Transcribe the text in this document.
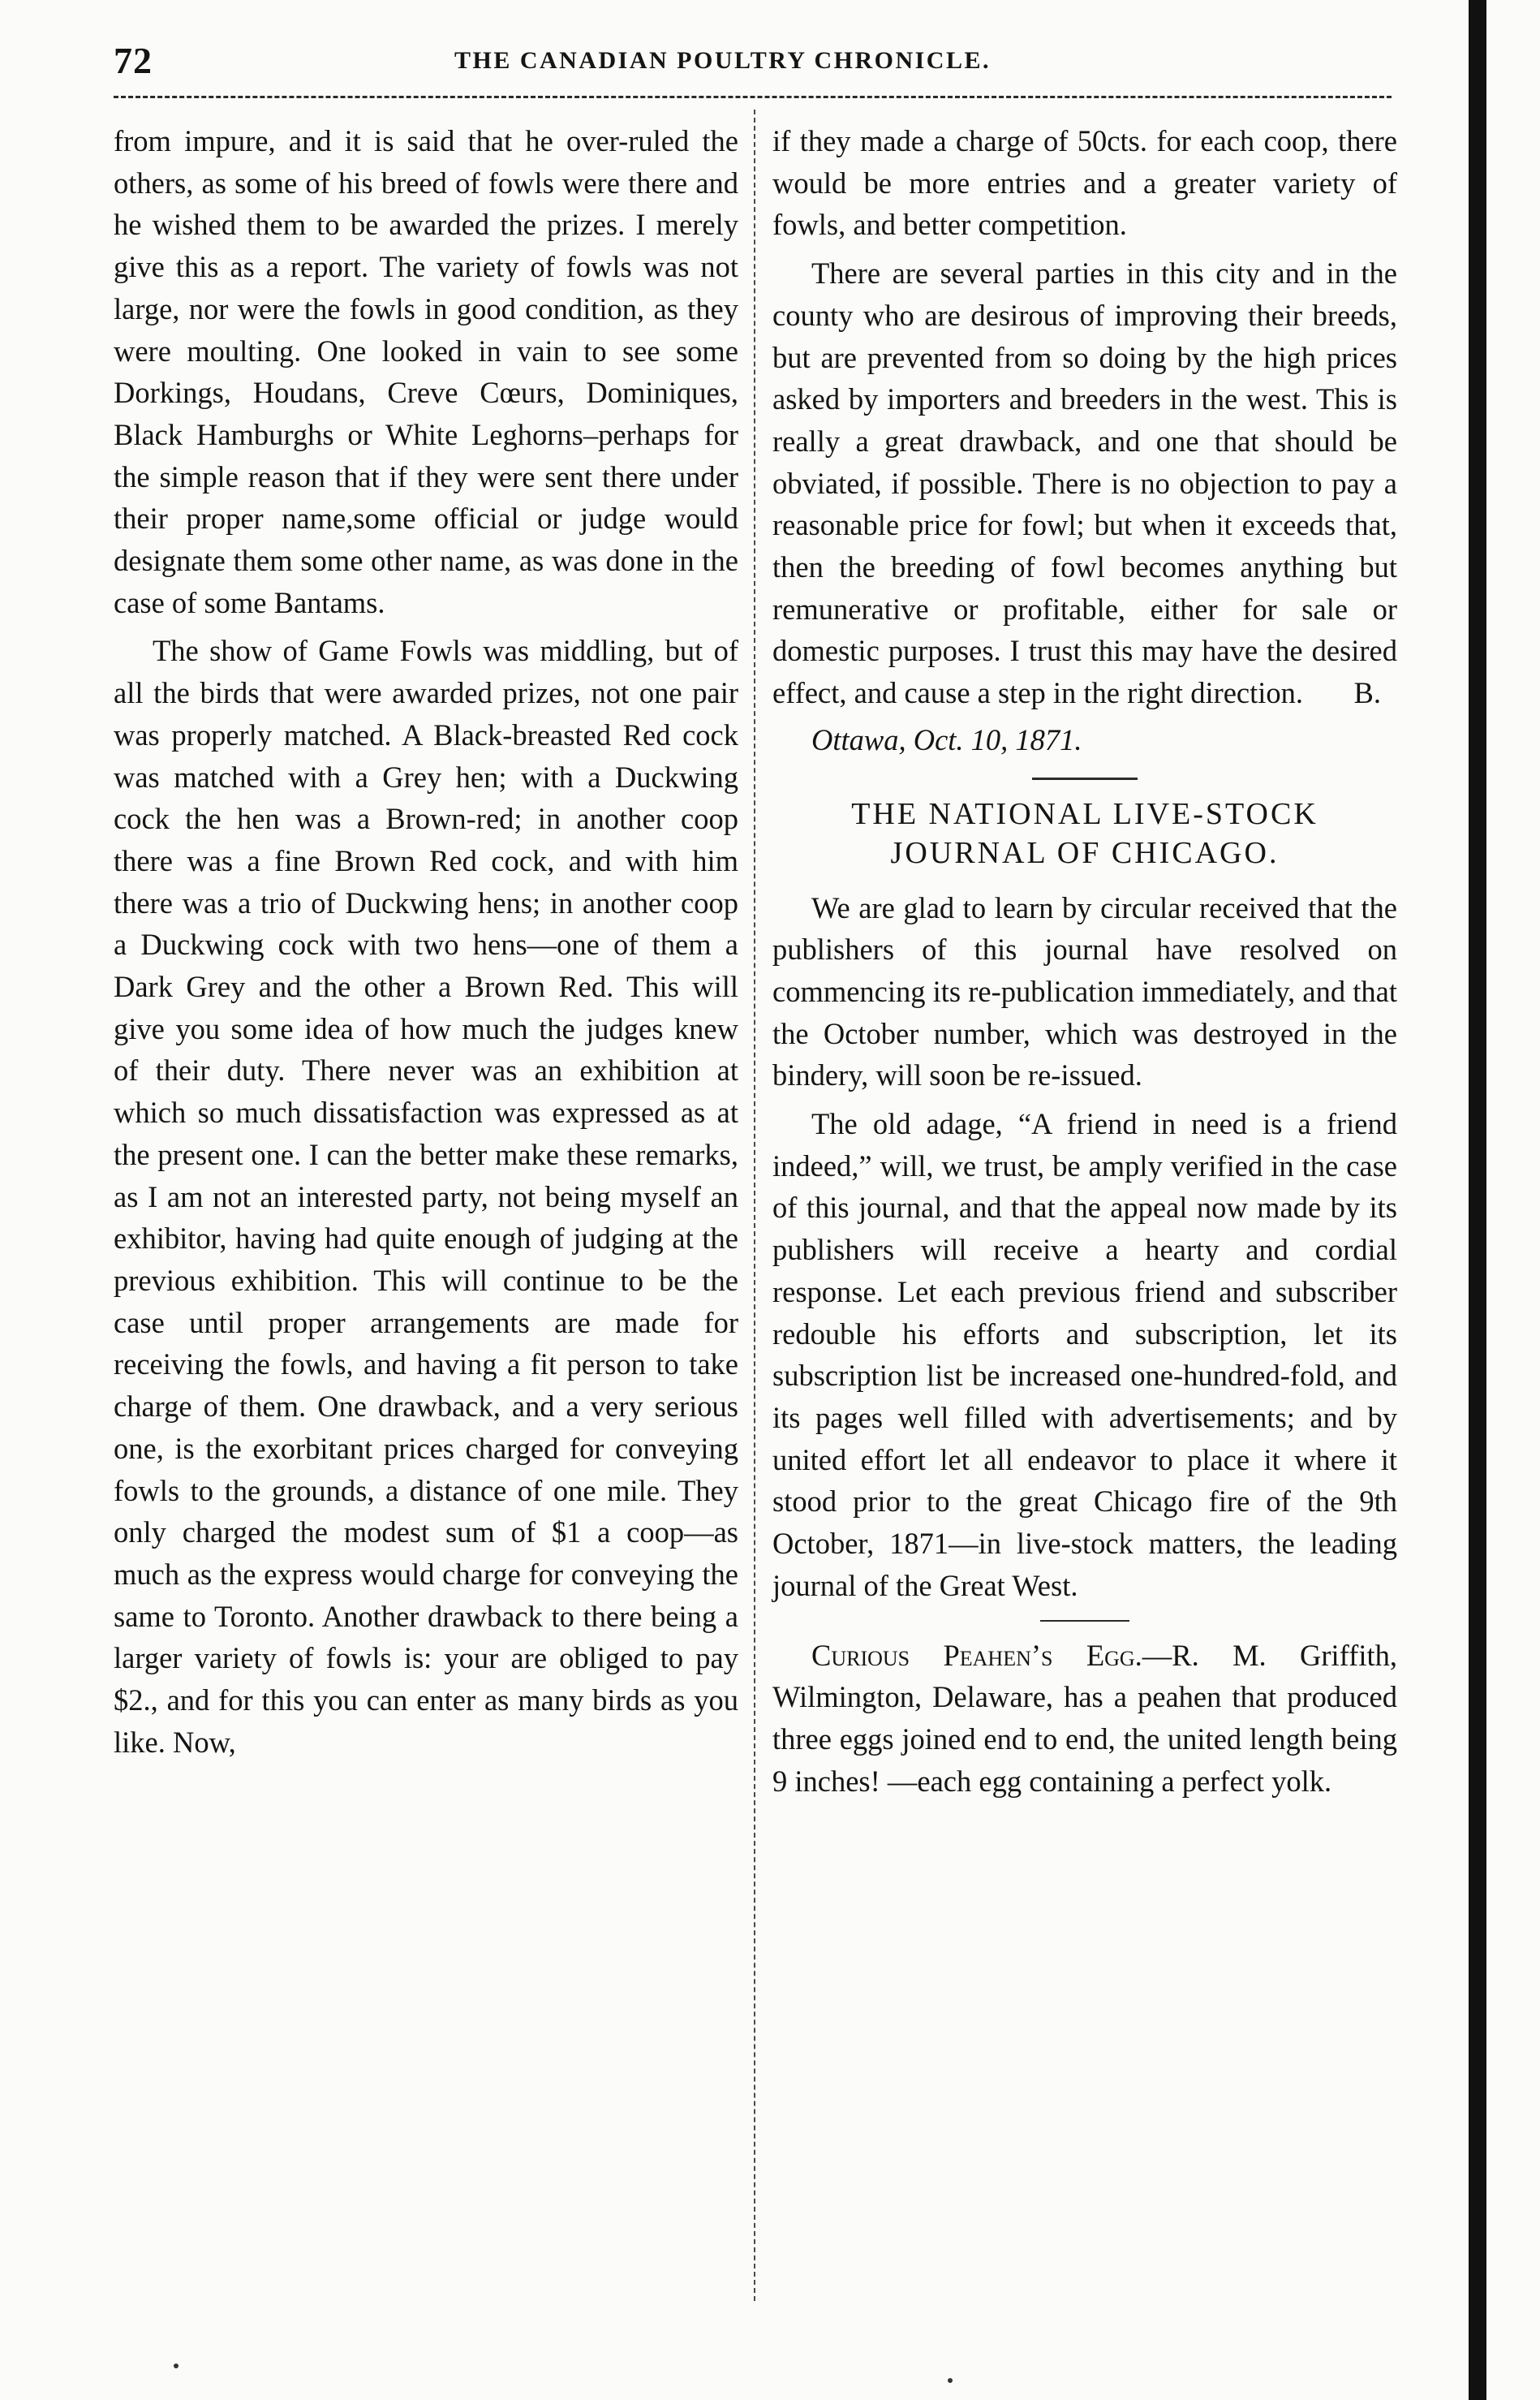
72	THE CANADIAN POULTRY CHRONICLE.

from impure, and it is said that he over-ruled the others, as some of his breed of fowls were there and he wished them to be awarded the prizes. I merely give this as a report. The variety of fowls was not large, nor were the fowls in good condition, as they were moulting. One looked in vain to see some Dorkings, Houdans, Creve Cœurs, Dominiques, Black Hamburghs or White Leghorns–perhaps for the simple reason that if they were sent there under their proper name,some official or judge would designate them some other name, as was done in the case of some Bantams.

The show of Game Fowls was middling, but of all the birds that were awarded prizes, not one pair was properly matched. A Black-breasted Red cock was matched with a Grey hen; with a Duckwing cock the hen was a Brown-red; in another coop there was a fine Brown Red cock, and with him there was a trio of Duckwing hens; in another coop a Duckwing cock with two hens—one of them a Dark Grey and the other a Brown Red. This will give you some idea of how much the judges knew of their duty. There never was an exhibition at which so much dissatisfaction was expressed as at the present one. I can the better make these remarks, as I am not an interested party, not being myself an exhibitor, having had quite enough of judging at the previous exhibition. This will continue to be the case until proper arrangements are made for receiving the fowls, and having a fit person to take charge of them. One drawback, and a very serious one, is the exorbitant prices charged for conveying fowls to the grounds, a distance of one mile. They only charged the modest sum of $1 a coop—as much as the express would charge for conveying the same to Toronto. Another drawback to there being a larger variety of fowls is: your are obliged to pay $2., and for this you can enter as many birds as you like. Now,

if they made a charge of 50cts. for each coop, there would be more entries and a greater variety of fowls, and better competition.

There are several parties in this city and in the county who are desirous of improving their breeds, but are prevented from so doing by the high prices asked by importers and breeders in the west. This is really a great drawback, and one that should be obviated, if possible. There is no objection to pay a reasonable price for fowl; but when it exceeds that, then the breeding of fowl becomes anything but remunerative or profitable, either for sale or domestic purposes. I trust this may have the desired effect, and cause a step in the right direction.	B.

Ottawa, Oct. 10, 1871.

THE NATIONAL LIVE-STOCK
JOURNAL OF CHICAGO.

We are glad to learn by circular received that the publishers of this journal have resolved on commencing its re-publication immediately, and that the October number, which was destroyed in the bindery, will soon be re-issued.

The old adage, “A friend in need is a friend indeed,” will, we trust, be amply verified in the case of this journal, and that the appeal now made by its publishers will receive a hearty and cordial response. Let each previous friend and subscriber redouble his efforts and subscription, let its subscription list be increased one-hundred-fold, and its pages well filled with advertisements; and by united effort let all endeavor to place it where it stood prior to the great Chicago fire of the 9th October, 1871—in live-stock matters, the leading journal of the Great West.

Curious Peahen’s Egg.—R. M. Griffith, Wilmington, Delaware, has a peahen that produced three eggs joined end to end, the united length being 9 inches! —each egg containing a perfect yolk.
